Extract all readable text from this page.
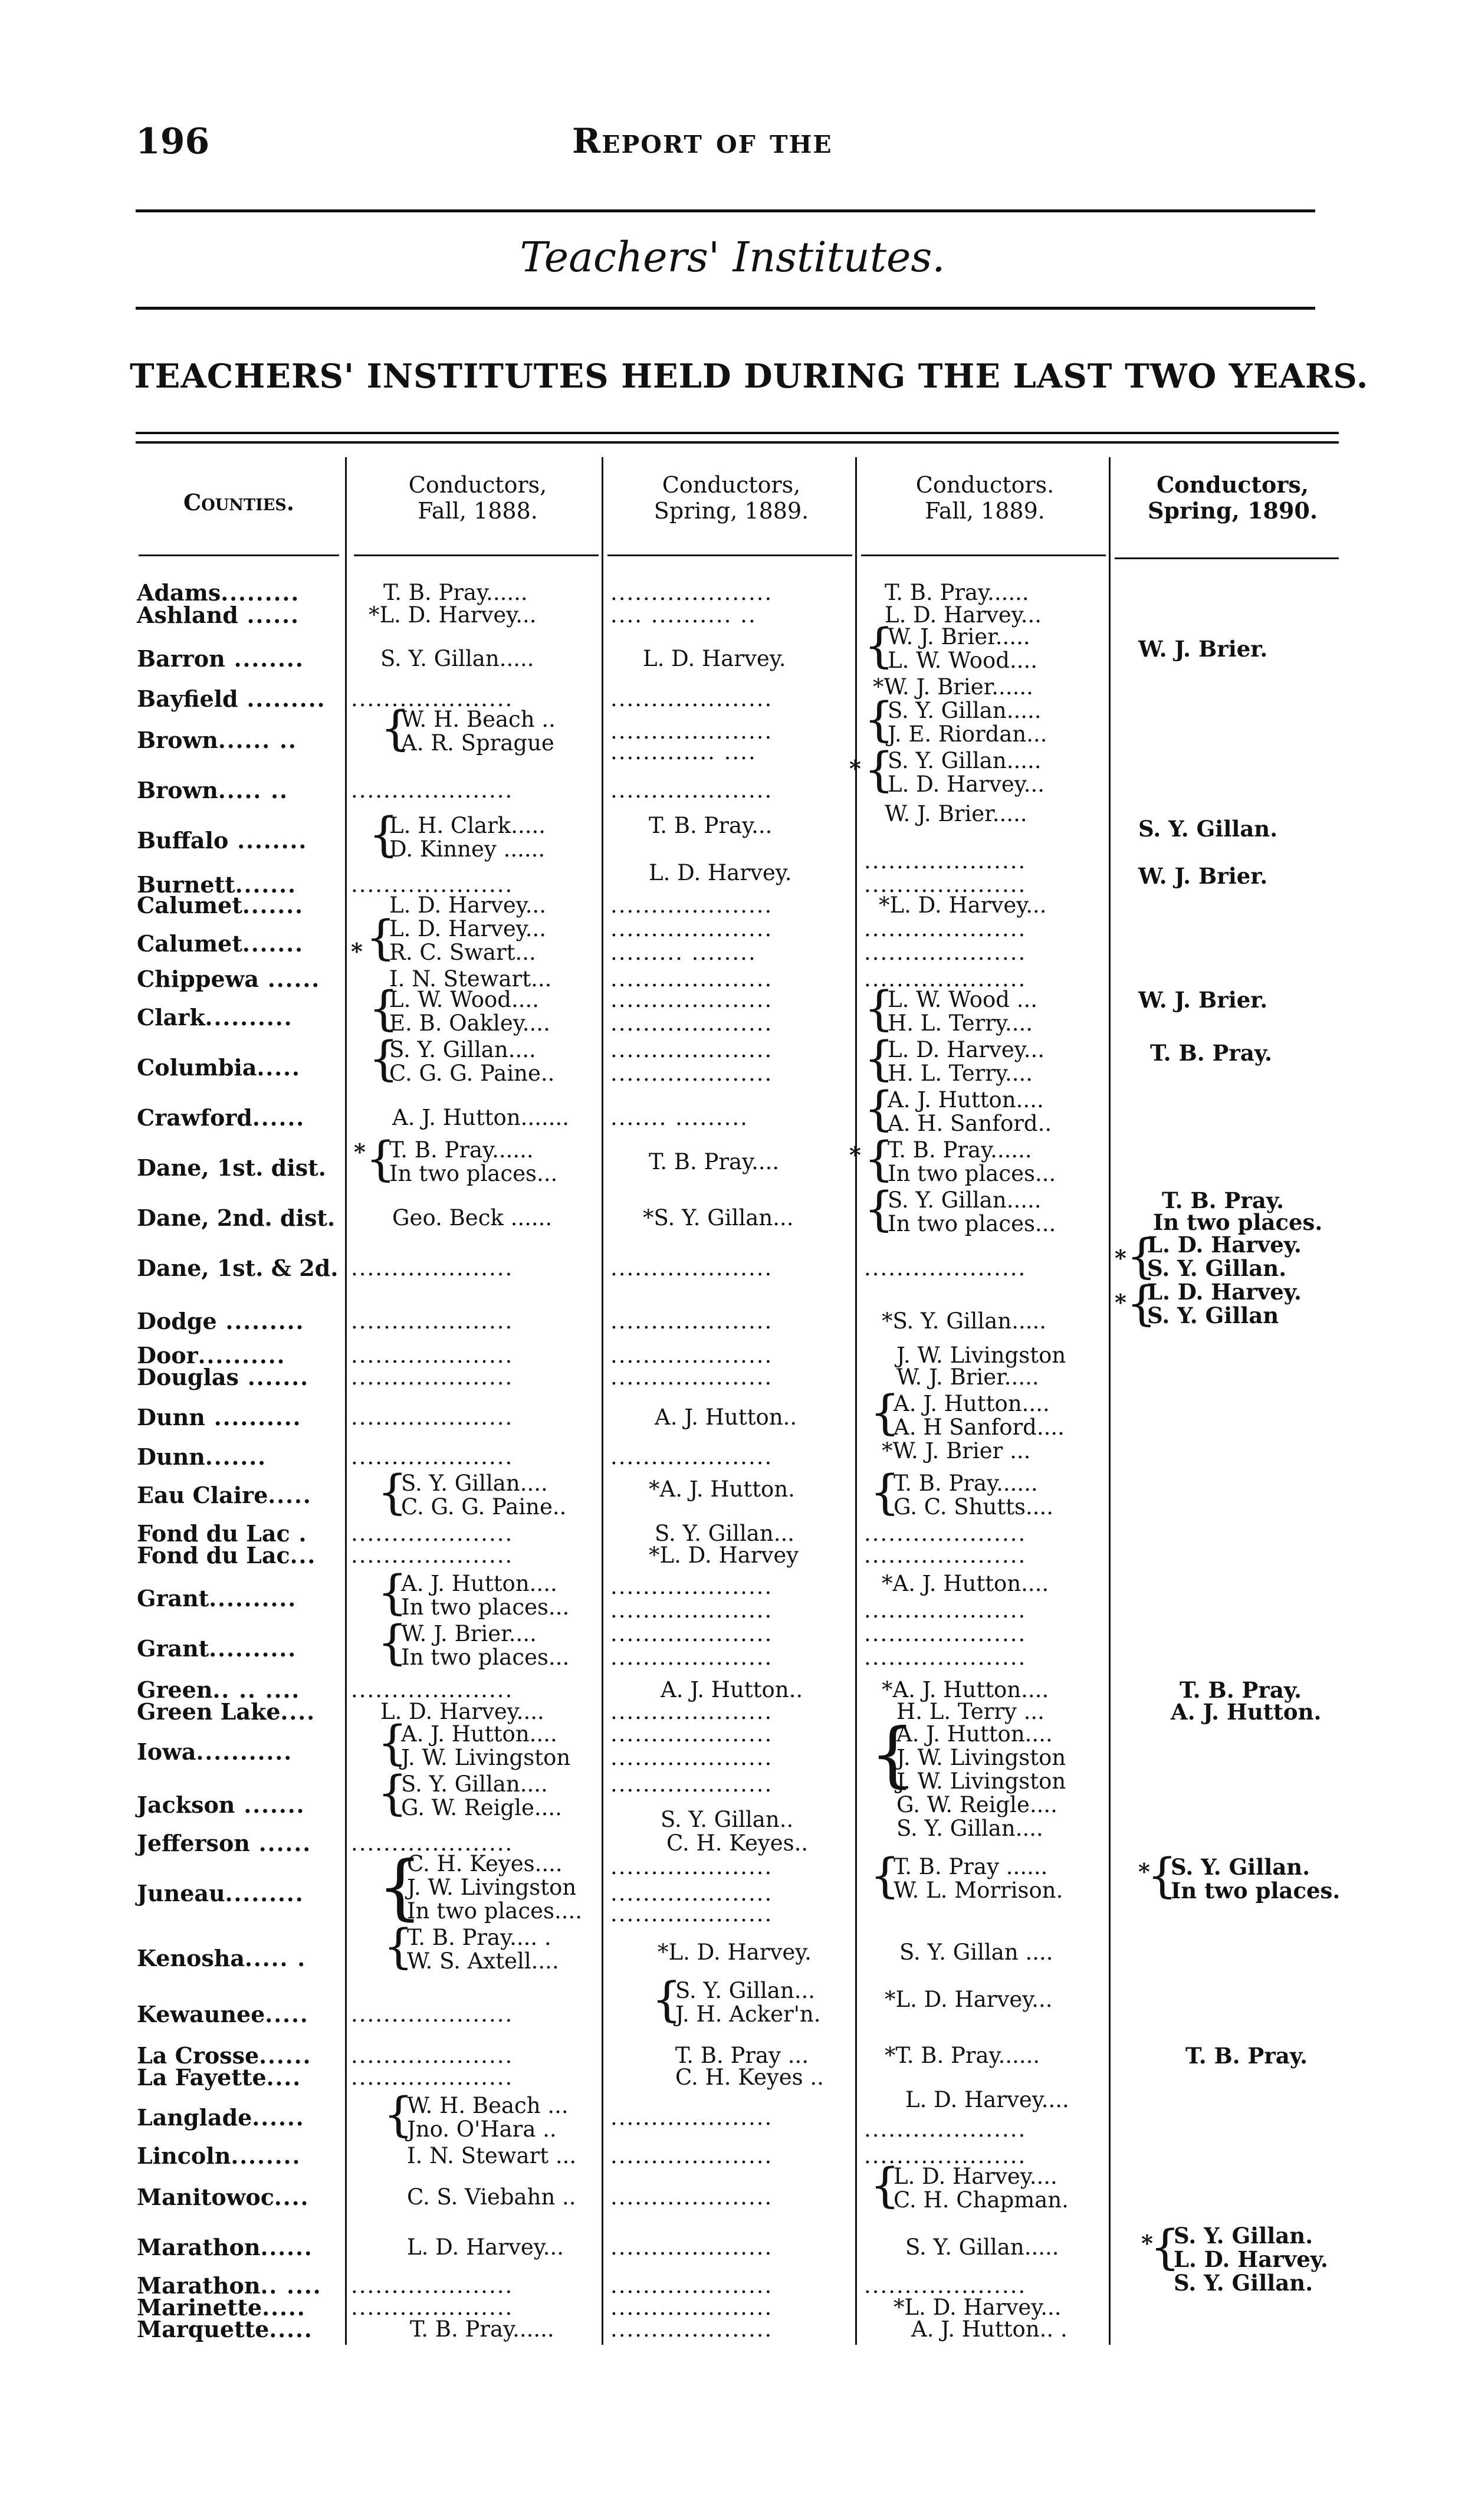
196	Report of the
Teachers' Institutes.
TEACHERS' INSTITUTES HELD DURING THE LAST TWO YEARS.
Counties.
Conductors,
Fall, 1888.
Conductors,
Spring, 1889.
Conductors.
Fall, 1889.
Conductors,
Spring, 1890.
Adams.........
Ashland ......
Barron ........
Bayfield .........
Brown...... ..
Brown..... ..
Buffalo ........
Burnett.......
Calumet.......
Calumet.......
Chippewa ......
Clark..........
Columbia.....
Crawford......
Dane, 1st. dist.
Dane, 2nd. dist.
Dane, 1st. & 2d.
Dodge .........
Door..........
Douglas .......
Dunn ..........
Dunn.......
Eau Claire.....
Fond du Lac .
Fond du Lac...
Grant..........
Grant..........
Green.. .. ....
Green Lake....
Iowa...........
Jackson .......
Jefferson ......
Juneau.........
Kenosha..... .
Kewaunee.....
La Crosse......
La Fayette....
Langlade......
Lincoln........
Manitowoc....
Marathon......
Marathon.. ....
Marinette.....
Marquette.....
T. B. Pray......
*L. D. Harvey...
S. Y. Gillan.....
....................
W. H. Beach ..
A. R. Sprague
{
....................
L. H. Clark.....
D. Kinney ......
{
....................
L. D. Harvey...
* {
L. D. Harvey...
R. C. Swart...
I. N. Stewart...
{
L. W. Wood....
E. B. Oakley....
{
S. Y. Gillan....
C. G. G. Paine..
A. J. Hutton.......
* {
T. B. Pray......
In two places...
Geo. Beck ......
....................
....................
....................
....................
....................
....................
{
S. Y. Gillan....
C. G. G. Paine..
....................
....................
{
A. J. Hutton....
In two places...
{
W. J. Brier....
In two places...
....................
L. D. Harvey....
{
A. J. Hutton....
J. W. Livingston
{
S. Y. Gillan....
G. W. Reigle....
....................
{
C. H. Keyes....
J. W. Livingston
In two places....
{
T. B. Pray.... .
W. S. Axtell....
....................
....................
....................
{
W. H. Beach ...
Jno. O'Hara ..
I. N. Stewart ...
C. S. Viebahn ..
L. D. Harvey...
....................
....................
T. B. Pray......
....................
.... .......... ..
L. D. Harvey.
....................
....................
............. ....
....................
T. B. Pray...
L. D. Harvey.
....................
....................
......... ........
....................
....................
....................
....................
....................
....... .........
T. B. Pray....
*S. Y. Gillan...
....................
....................
....................
....................
A. J. Hutton..
....................
*A. J. Hutton.
S. Y. Gillan...
*L. D. Harvey
....................
....................
....................
....................
A. J. Hutton..
....................
....................
....................
....................
S. Y. Gillan..
C. H. Keyes..
....................
....................
....................
*L. D. Harvey.
{
S. Y. Gillan...
J. H. Acker'n.
T. B. Pray ...
C. H. Keyes ..
....................
....................
....................
....................
....................
....................
....................
T. B. Pray......
L. D. Harvey...
{
W. J. Brier.....
L. W. Wood....
*W. J. Brier......
{
S. Y. Gillan.....
J. E. Riordan...
* {
S. Y. Gillan.....
L. D. Harvey...
W. J. Brier.....
....................
....................
*L. D. Harvey...
....................
....................
....................
{
L. W. Wood ...
H. L. Terry....
{
L. D. Harvey...
H. L. Terry....
{
A. J. Hutton....
A. H. Sanford..
* {
T. B. Pray......
In two places...
{
S. Y. Gillan.....
In two places...
....................
*S. Y. Gillan.....
J. W. Livingston
W. J. Brier.....
{
A. J. Hutton....
A. H Sanford....
*W. J. Brier ...
{
T. B. Pray......
G. C. Shutts....
....................
....................
*A. J. Hutton....
....................
....................
....................
*A. J. Hutton....
H. L. Terry ...
{
A. J. Hutton....
J. W. Livingston
J. W. Livingston
G. W. Reigle....
S. Y. Gillan....
{
T. B. Pray ......
W. L. Morrison.
S. Y. Gillan ....
*L. D. Harvey...
*T. B. Pray......
L. D. Harvey....
....................
....................
{
L. D. Harvey....
C. H. Chapman.
S. Y. Gillan.....
....................
*L. D. Harvey...
A. J. Hutton.. .
W. J. Brier.
S. Y. Gillan.
W. J. Brier.
W. J. Brier.
T. B. Pray.
T. B. Pray.
In two places.
* {
L. D. Harvey.
S. Y. Gillan.
* {
L. D. Harvey.
S. Y. Gillan
T. B. Pray.
A. J. Hutton.
*
{
S. Y. Gillan.
In two places.
T. B. Pray.
*
{
S. Y. Gillan.
L. D. Harvey.
S. Y. Gillan.
